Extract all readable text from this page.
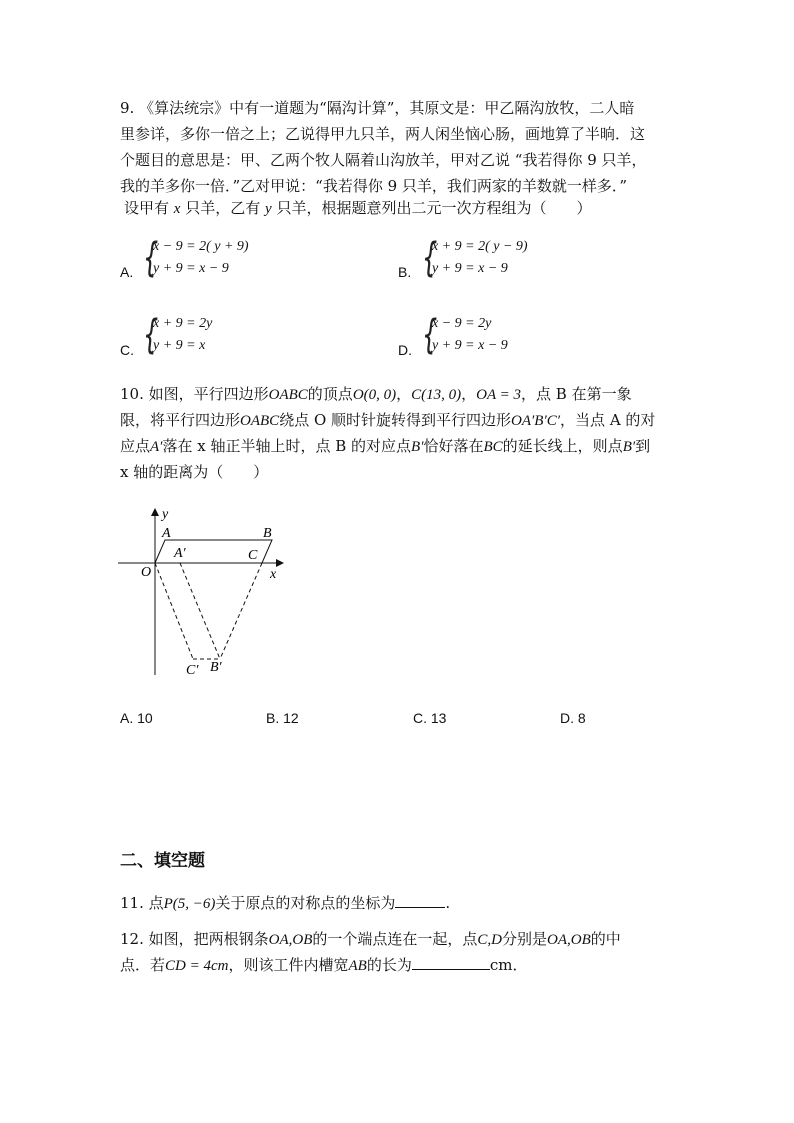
9. 《算法统宗》中有一道题为“隔沟计算”，其原文是：甲乙隔沟放牧，二人暗
里参详，多你一倍之上；乙说得甲九只羊，两人闲坐恼心肠，画地算了半晌．这
个题目的意思是：甲、乙两个牧人隔着山沟放羊，甲对乙说 “我若得你 9 只羊，
我的羊多你一倍．”乙对甲说：“我若得你 9 只羊，我们两家的羊数就一样多．”
设甲有 x 只羊，乙有 y 只羊，根据题意列出二元一次方程组为（　　）
A. {
x − 9 = 2( y + 9)
y + 9 = x − 9	B. {
x + 9 = 2( y − 9)
y + 9 = x − 9
C. {
x + 9 = 2y
y + 9 = x	D. {
x − 9 = 2y
y + 9 = x − 9
10. 如图，平行四边形OABC的顶点O(0, 0)，C(13, 0)，OA = 3，点 B 在第一象
限，将平行四边形OABC绕点 O 顺时针旋转得到平行四边形OA′B′C′，当点 A 的对
应点A′落在 x 轴正半轴上时，点 B 的对应点B′恰好落在BC的延长线上，则点B′到
x 轴的距离为（　　）
y
x
O
A	B
A′	C
C′ B′
A. 10	B. 12	C. 13	D. 8
二、填空题
11. 点P(5, −6)关于原点的对称点的坐标为	.
12. 如图，把两根钢条OA,OB的一个端点连在一起，点C,D分别是OA,OB的中
点．若CD = 4cm，则该工件内槽宽AB的长为	cm．
